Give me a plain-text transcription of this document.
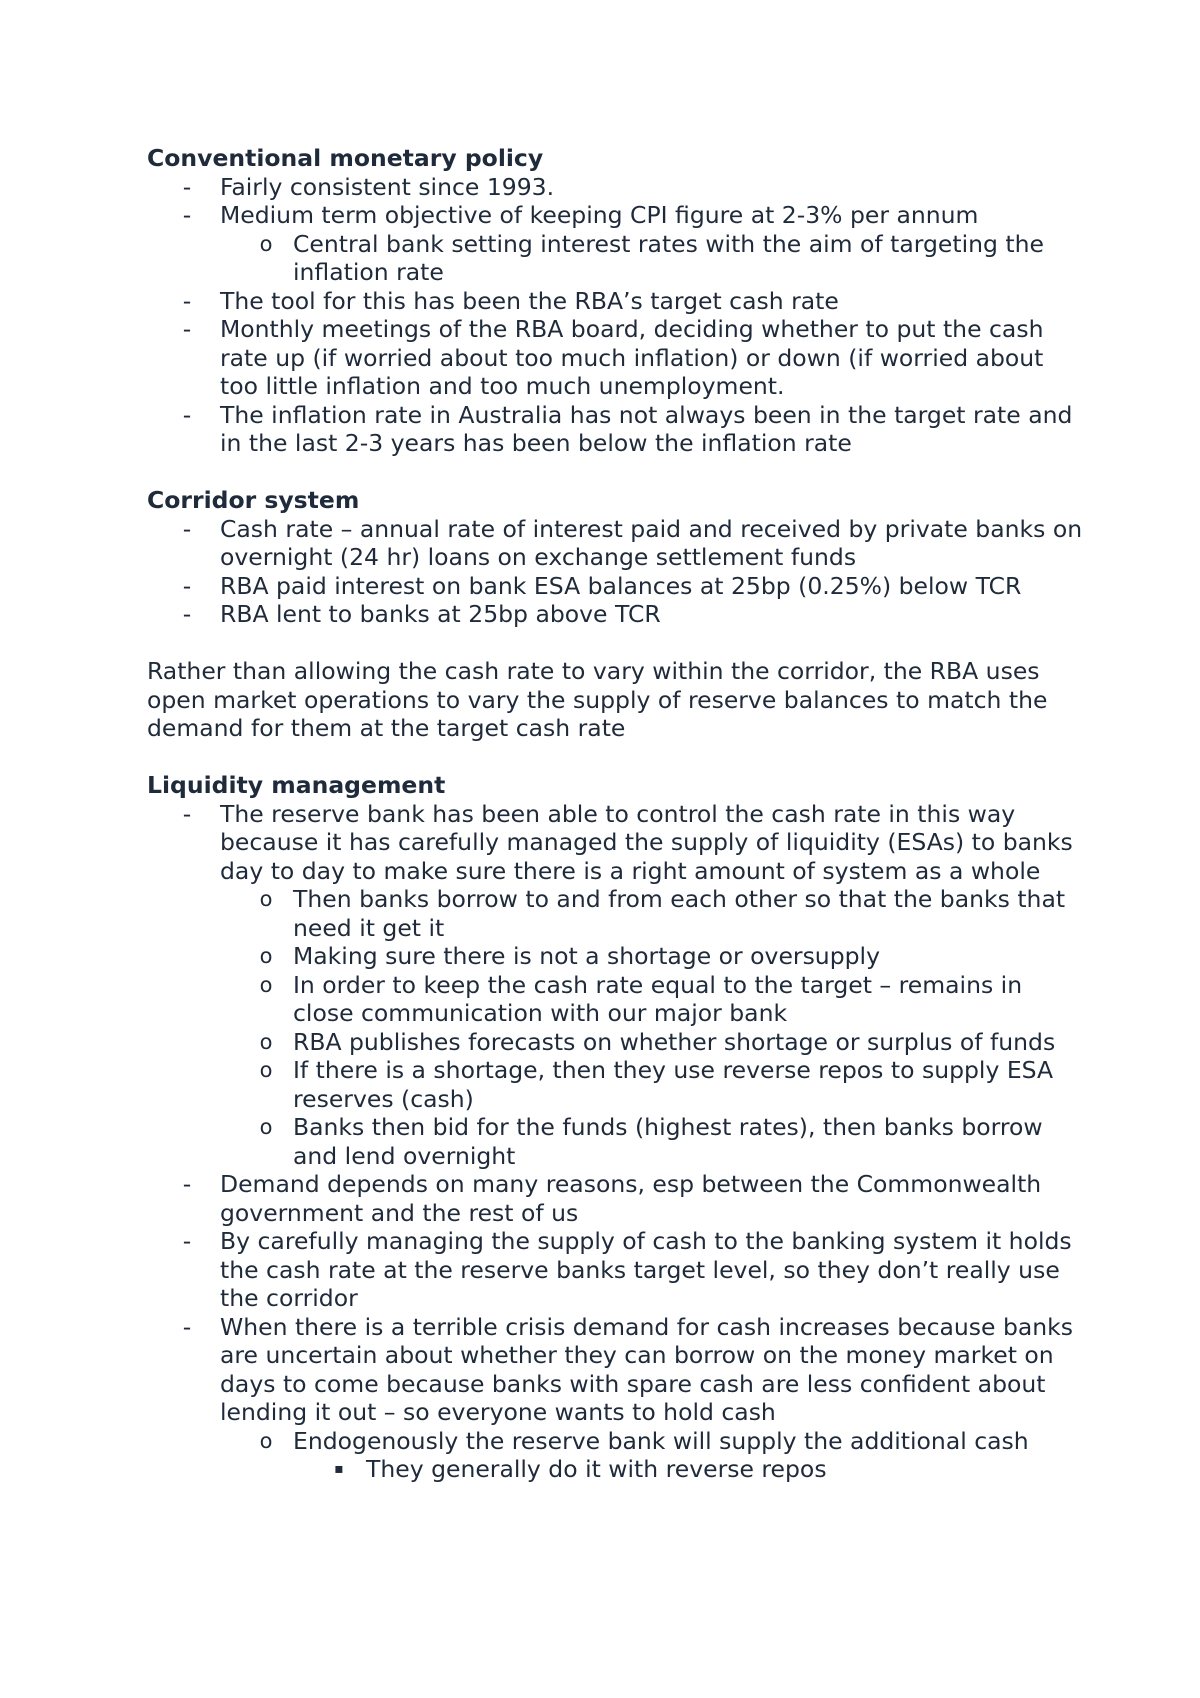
Conventional monetary policy

- Fairly consistent since 1993.
- Medium term objective of keeping CPI figure at 2-3% per annum
o Central bank setting interest rates with the aim of targeting the inflation rate
- The tool for this has been the RBA’s target cash rate
- Monthly meetings of the RBA board, deciding whether to put the cash rate up (if worried about too much inflation) or down (if worried about too little inflation and too much unemployment.
- The inflation rate in Australia has not always been in the target rate and in the last 2-3 years has been below the inflation rate

Corridor system

- Cash rate – annual rate of interest paid and received by private banks on overnight (24 hr) loans on exchange settlement funds
- RBA paid interest on bank ESA balances at 25bp (0.25%) below TCR
- RBA lent to banks at 25bp above TCR

Rather than allowing the cash rate to vary within the corridor, the RBA uses open market operations to vary the supply of reserve balances to match the demand for them at the target cash rate

Liquidity management

- The reserve bank has been able to control the cash rate in this way because it has carefully managed the supply of liquidity (ESAs) to banks day to day to make sure there is a right amount of system as a whole
o Then banks borrow to and from each other so that the banks that need it get it
o Making sure there is not a shortage or oversupply
o In order to keep the cash rate equal to the target – remains in close communication with our major bank
o RBA publishes forecasts on whether shortage or surplus of funds
o If there is a shortage, then they use reverse repos to supply ESA reserves (cash)
o Banks then bid for the funds (highest rates), then banks borrow and lend overnight
- Demand depends on many reasons, esp between the Commonwealth government and the rest of us
- By carefully managing the supply of cash to the banking system it holds the cash rate at the reserve banks target level, so they don’t really use the corridor
- When there is a terrible crisis demand for cash increases because banks are uncertain about whether they can borrow on the money market on days to come because banks with spare cash are less confident about lending it out – so everyone wants to hold cash
o Endogenously the reserve bank will supply the additional cash
▪ They generally do it with reverse repos
